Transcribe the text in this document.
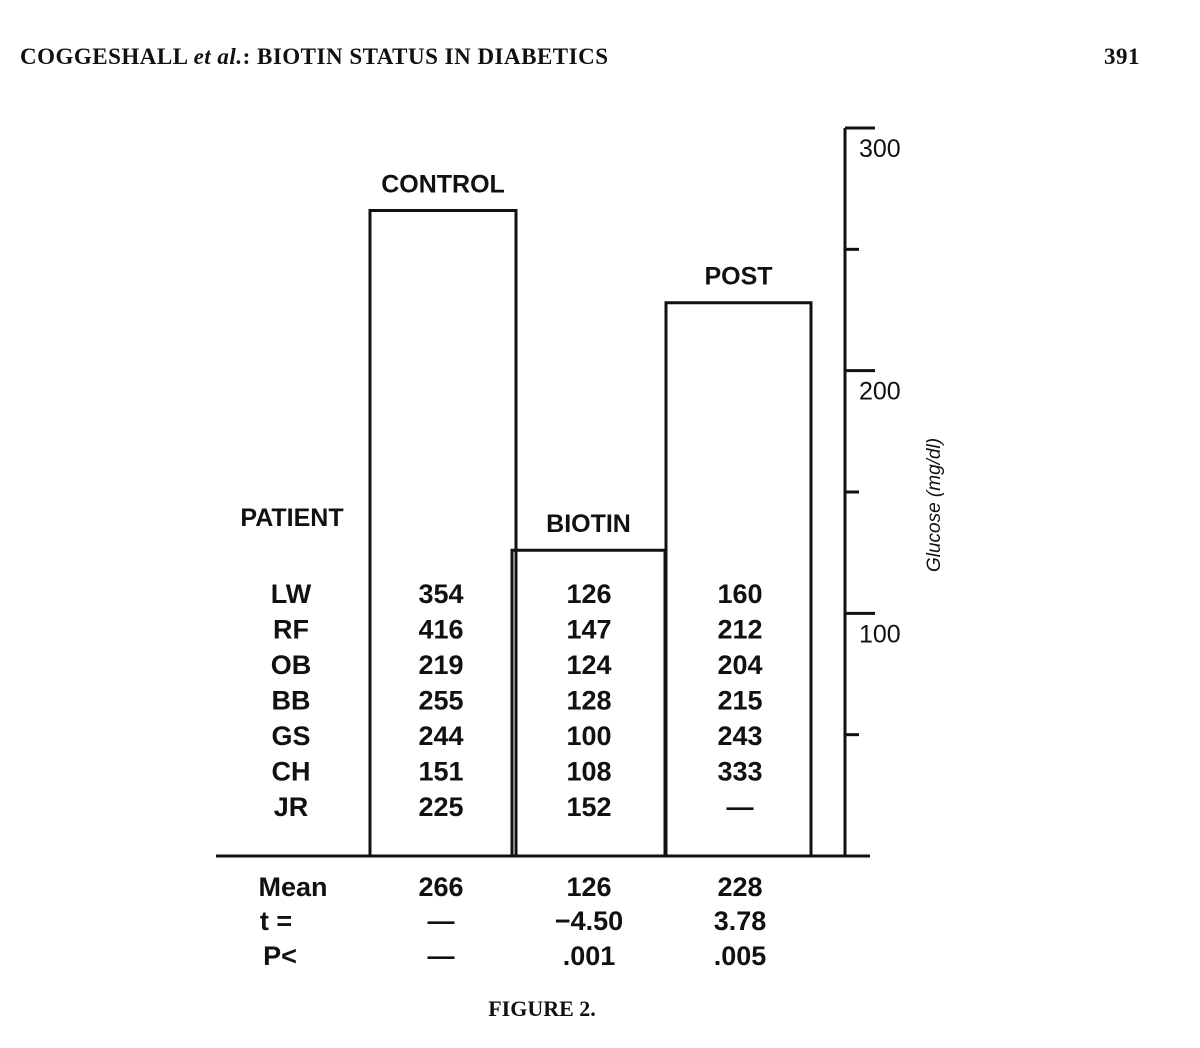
COGGESHALL et al.: BIOTIN STATUS IN DIABETICS	391
CONTROL
BIOTIN
POST
100
200
300
Glucose (mg/dl)
PATIENT
LW
RF
OB
BB
GS
CH
JR
354
416
219
255
244
151
225
126
147
124
128
100
108
152
160
212
204
215
243
333
—
Mean
t =
P<
266
—
—
126
−4.50
.001
228
3.78
.005
FIGURE 2.
